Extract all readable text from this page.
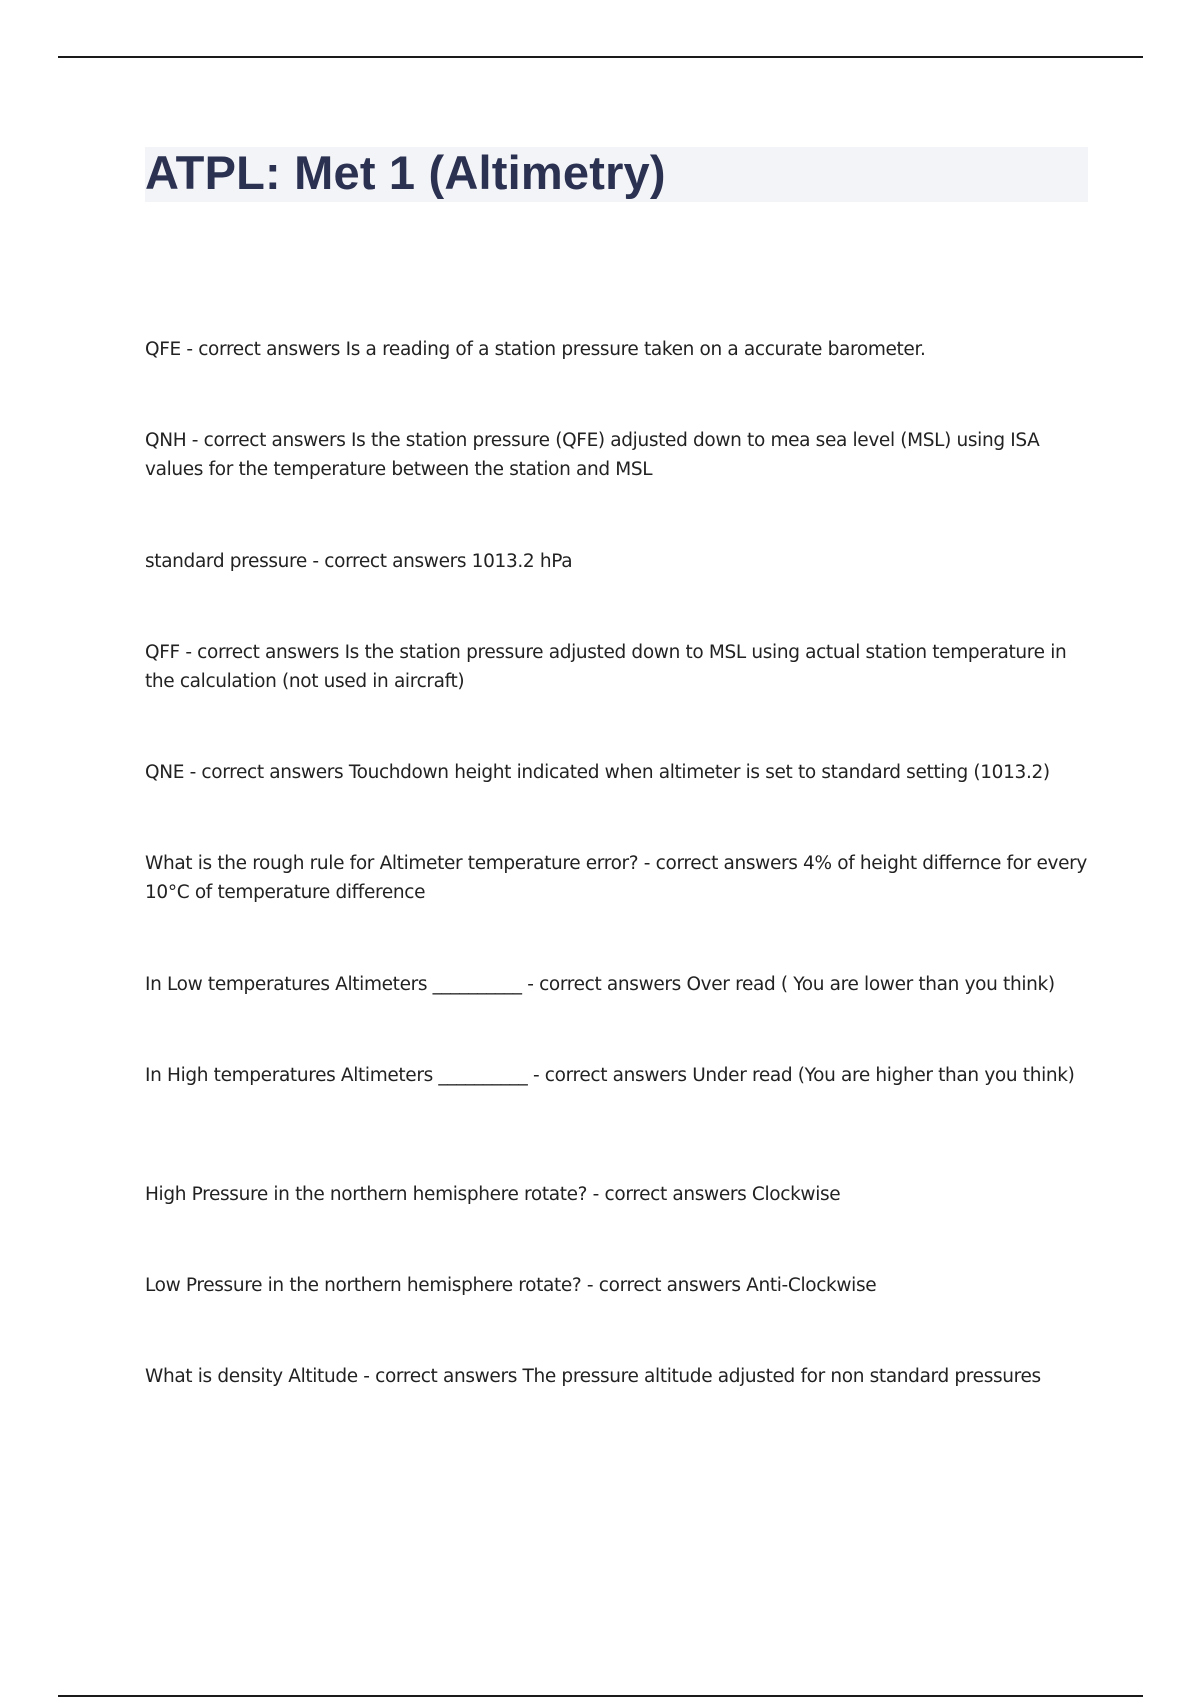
ATPL: Met 1 (Altimetry)
QFE - correct answers Is a reading of a station pressure taken on a accurate barometer.
QNH - correct answers Is the station pressure (QFE) adjusted down to mea sea level (MSL) using ISA values for the temperature between the station and MSL
standard pressure - correct answers 1013.2 hPa
QFF - correct answers Is the station pressure adjusted down to MSL using actual station temperature in the calculation (not used in aircraft)
QNE - correct answers Touchdown height indicated when altimeter is set to standard setting (1013.2)
What is the rough rule for Altimeter temperature error? - correct answers 4% of height differnce for every 10°C of temperature difference
In Low temperatures Altimeters __________ - correct answers Over read ( You are lower than you think)
In High temperatures Altimeters __________ - correct answers Under read (You are higher than you think)
High Pressure in the northern hemisphere rotate? - correct answers Clockwise
Low Pressure in the northern hemisphere rotate? - correct answers Anti-Clockwise
What is density Altitude - correct answers The pressure altitude adjusted for non standard pressures
